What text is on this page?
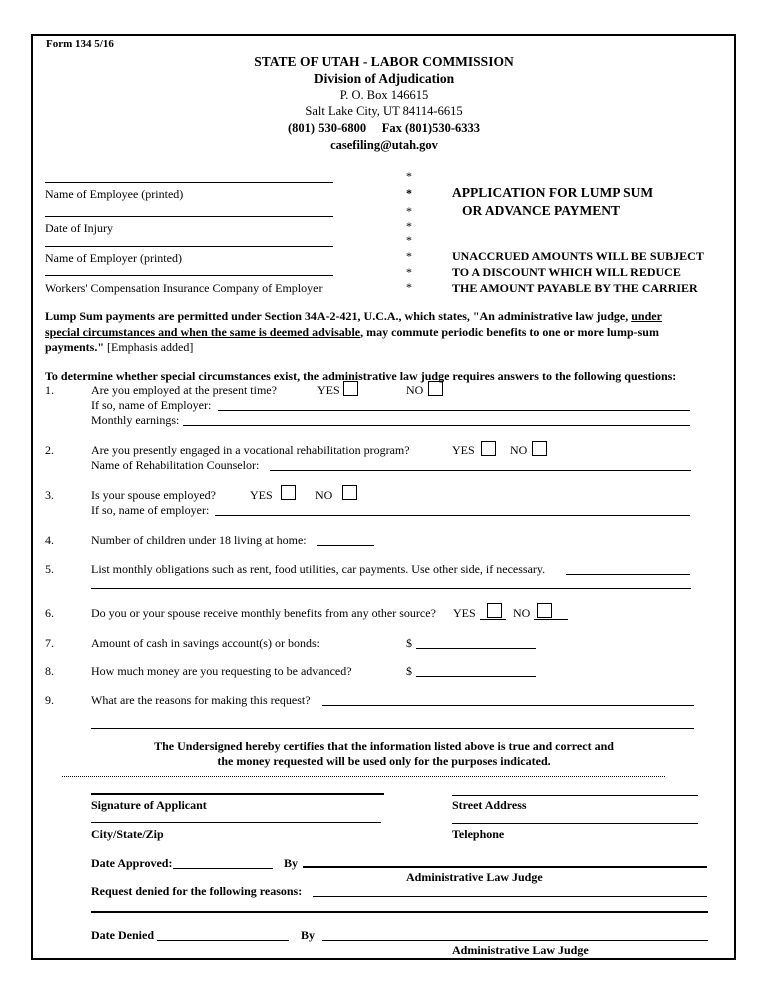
Form 134 5/16
STATE OF UTAH - LABOR COMMISSION
Division of Adjudication
P. O. Box 146615
Salt Lake City, UT 84114-6615
(801) 530-6800     Fax (801)530-6333
casefiling@utah.gov
Name of Employee (printed)
Date of Injury
Name of Employer (printed)
Workers' Compensation Insurance Company of Employer
*
*
*
*
*
*
*
*
APPLICATION FOR LUMP SUM
OR ADVANCE PAYMENT
UNACCRUED AMOUNTS WILL BE SUBJECT
TO A DISCOUNT WHICH WILL REDUCE
THE AMOUNT PAYABLE BY THE CARRIER
Lump Sum payments are permitted under Section 34A-2-421, U.C.A., which states, "An administrative law judge, under
special circumstances and when the same is deemed advisable, may commute periodic benefits to one or more lump-sum
payments." [Emphasis added]
To determine whether special circumstances exist, the administrative law judge requires answers to the following questions:
1.	Are you employed at the present time?	YES	NO
If so, name of Employer:
Monthly earnings:
2.	Are you presently engaged in a vocational rehabilitation program?	YES	NO
Name of Rehabilitation Counselor:
3.	Is your spouse employed?	YES	NO
If so, name of employer:
4.	Number of children under 18 living at home:
5.	List monthly obligations such as rent, food utilities, car payments. Use other side, if necessary.
6.	Do you or your spouse receive monthly benefits from any other source? YES	NO
7.	Amount of cash in savings account(s) or bonds:	$
8.	How much money are you requesting to be advanced?	$
9.	What are the reasons for making this request?
The Undersigned hereby certifies that the information listed above is true and correct and
the money requested will be used only for the purposes indicated.
Signature of Applicant	Street Address
City/State/Zip	Telephone
Date Approved:	By
Administrative Law Judge
Request denied for the following reasons:
Date Denied	By
Administrative Law Judge
